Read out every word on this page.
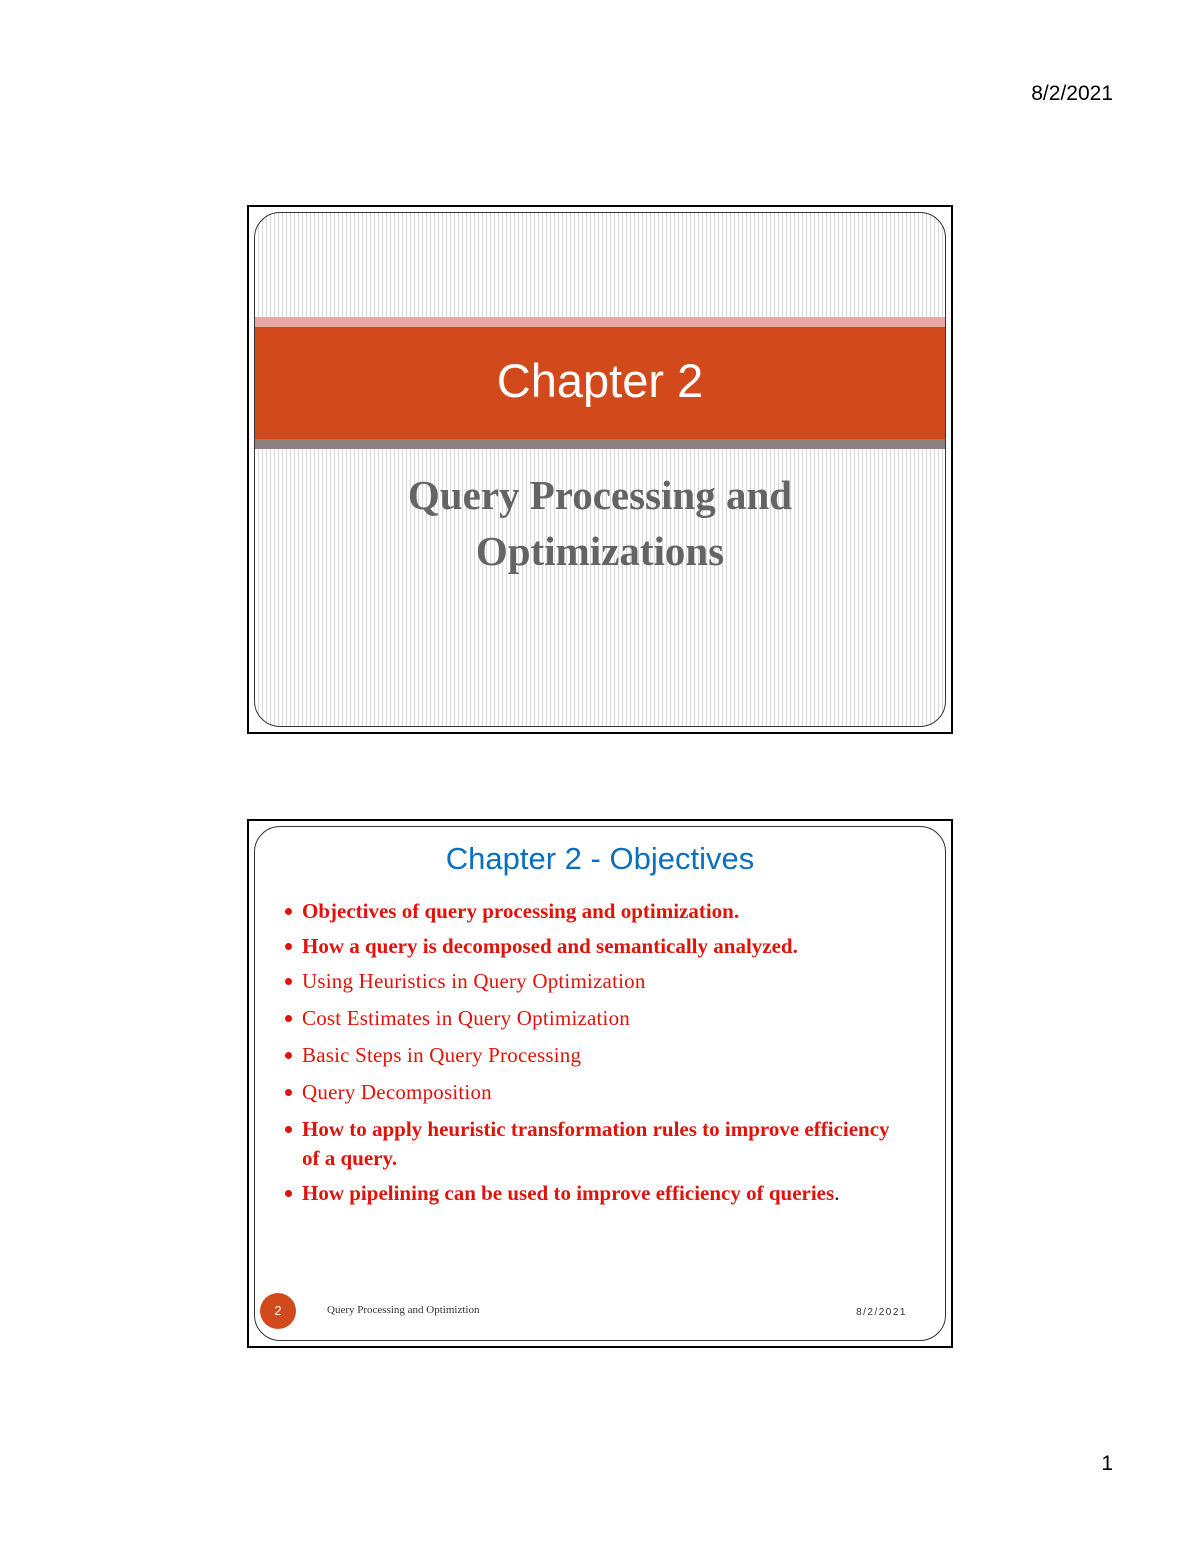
8/2/2021
Chapter 2
Query Processing and
Optimizations
Chapter 2 - Objectives
Objectives of query processing and optimization.
How a query is decomposed and semantically analyzed.
Using Heuristics in Query Optimization
Cost Estimates in Query Optimization
Basic Steps in Query Processing
Query Decomposition
How to apply heuristic transformation rules to improve efficiency of a query.
How pipelining can be used to improve efficiency of queries.
2	Query Processing and Optimiztion	8/2/2021
1
